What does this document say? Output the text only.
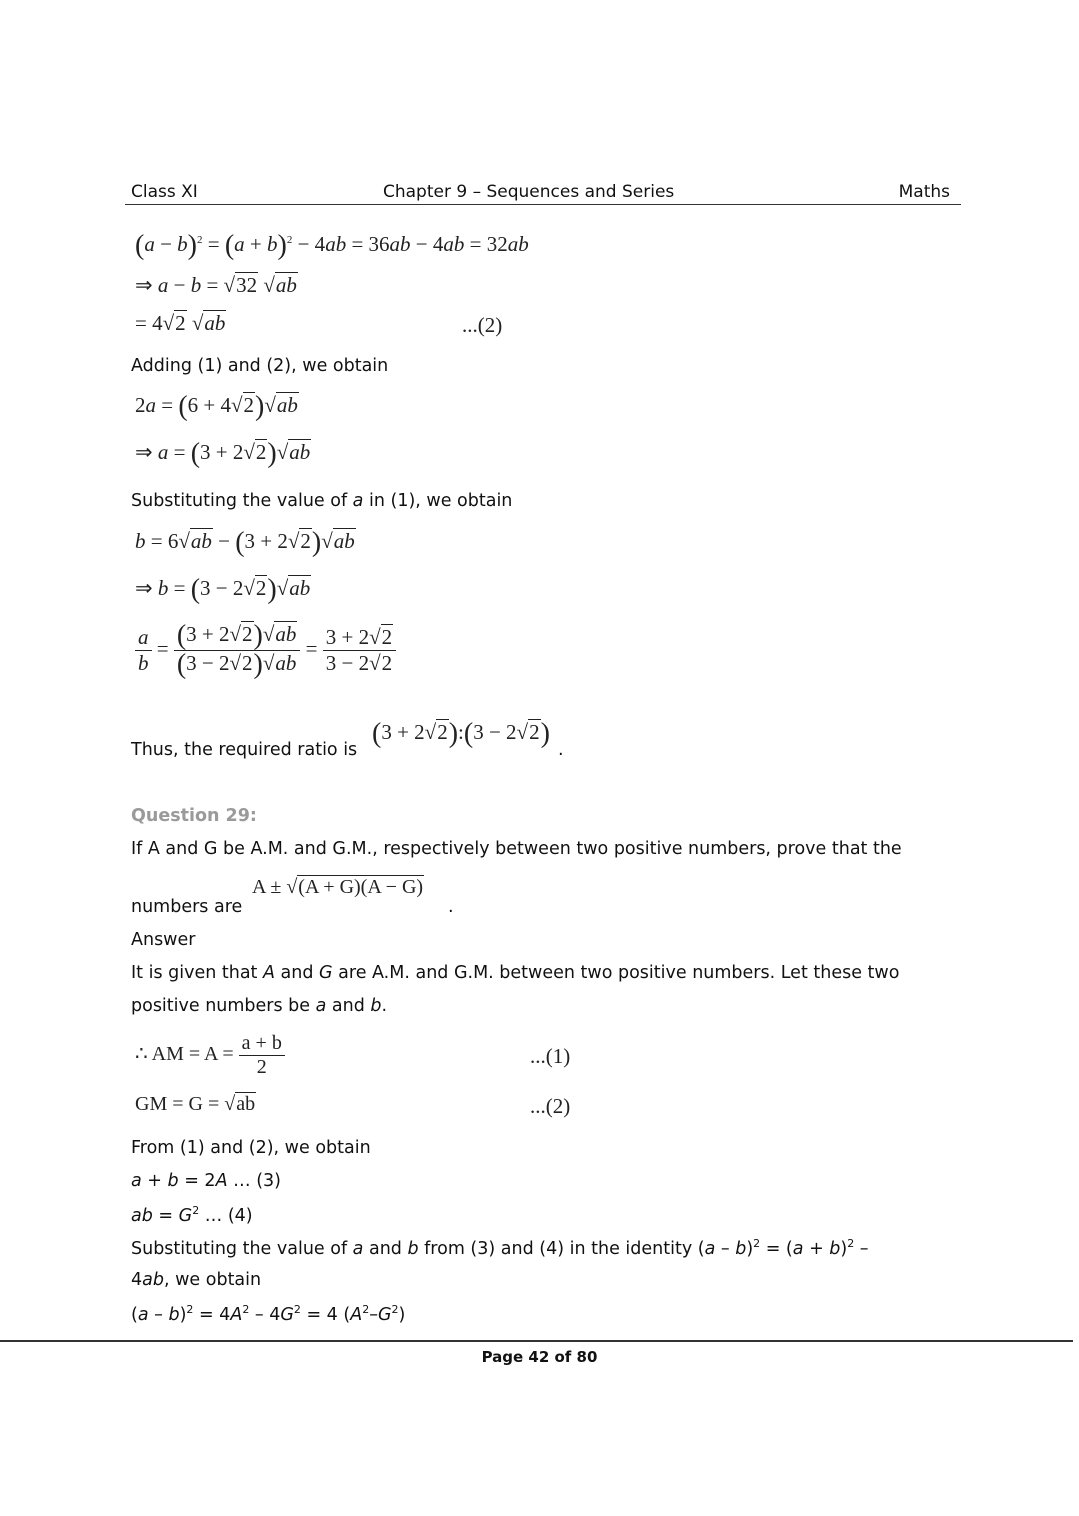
Class XI	Chapter 9 – Sequences and Series	Maths
$(a - b)^2 = (a + b)^2 - 4ab = 36ab - 4ab = 32ab$
⇒ a − b = √32 √ab
= 4√2 √ab	...(2)
Adding (1) and (2), we obtain
2a = (6 + 4√2)√ab
⇒ a = (3 + 2√2)√ab
Substituting the value of a in (1), we obtain
b = 6√ab − (3 + 2√2)√ab
⇒ b = (3 − 2√2)√ab
$\frac{a}{b} = \frac{(3 + 2√2)√ab}{(3 - 2√2)√ab} = \frac{3 + 2√2}{3 - 2√2}$
Thus, the required ratio is
(3 + 2√2):(3 − 2√2)
.
Question 29:
If A and G be A.M. and G.M., respectively between two positive numbers, prove that the
numbers are
A ± √(A + G)(A − G)
.
Answer
It is given that A and G are A.M. and G.M. between two positive numbers. Let these two
positive numbers be a and b.
∴ AM = $A = \frac{a + b}{2}$	...(1)
GM = G = √ab	...(2)
From (1) and (2), we obtain
a + b = 2A … (3)
ab = $G^2$ … (4)
Substituting the value of a and b from (3) and (4) in the identity $(a - b)^2 = (a + b)^2$ –
4ab, we obtain
$(a - b)^2 = 4A^2 - 4G^2 = 4$ $(A^2-G^2)$
Page 42 of 80
